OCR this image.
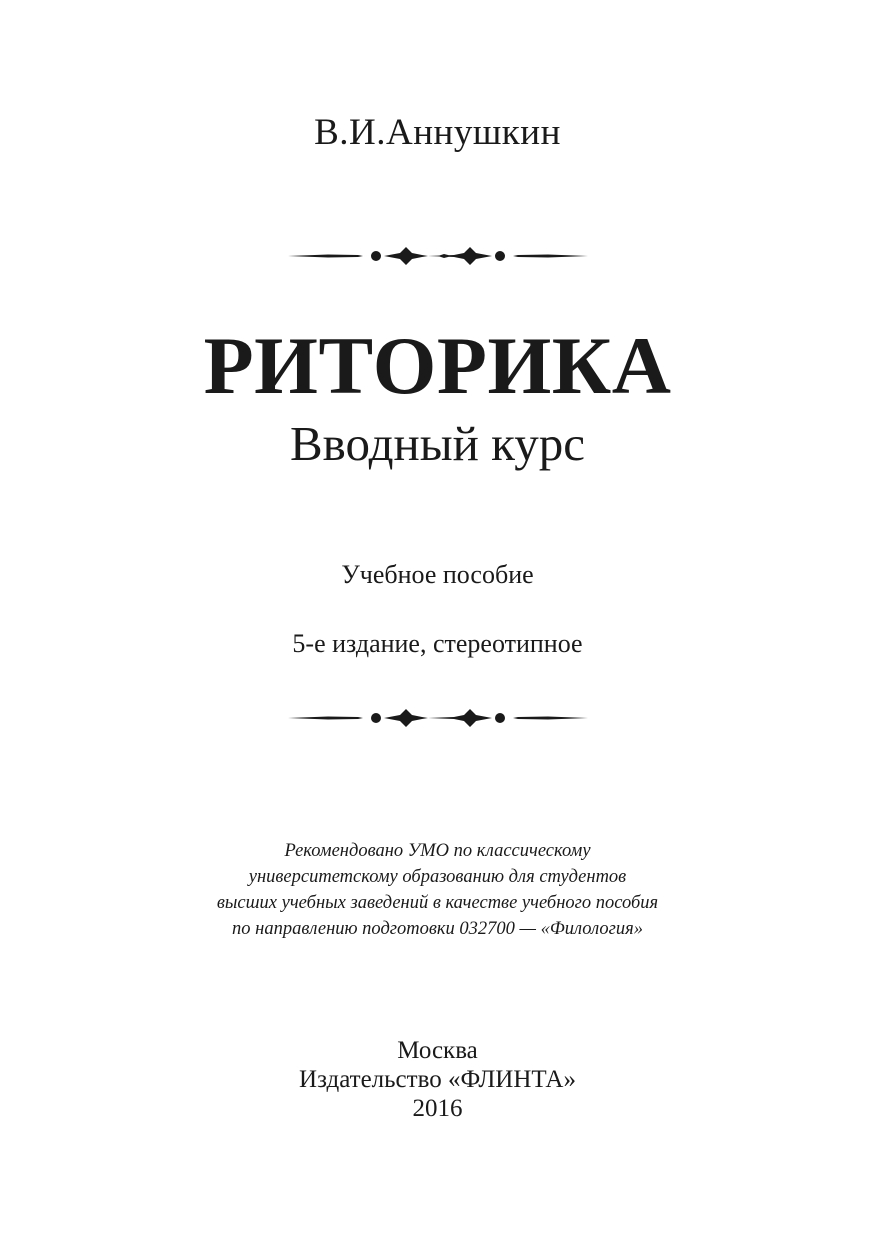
В.И.Аннушкин
РИТОРИКА
Вводный курс
Учебное пособие
5-е издание, стереотипное
Рекомендовано УМО по классическому
университетскому образованию для студентов
высших учебных заведений в качестве учебного пособия
по направлению подготовки 032700 — «Филология»
Москва
Издательство «ФЛИНТА»
2016
